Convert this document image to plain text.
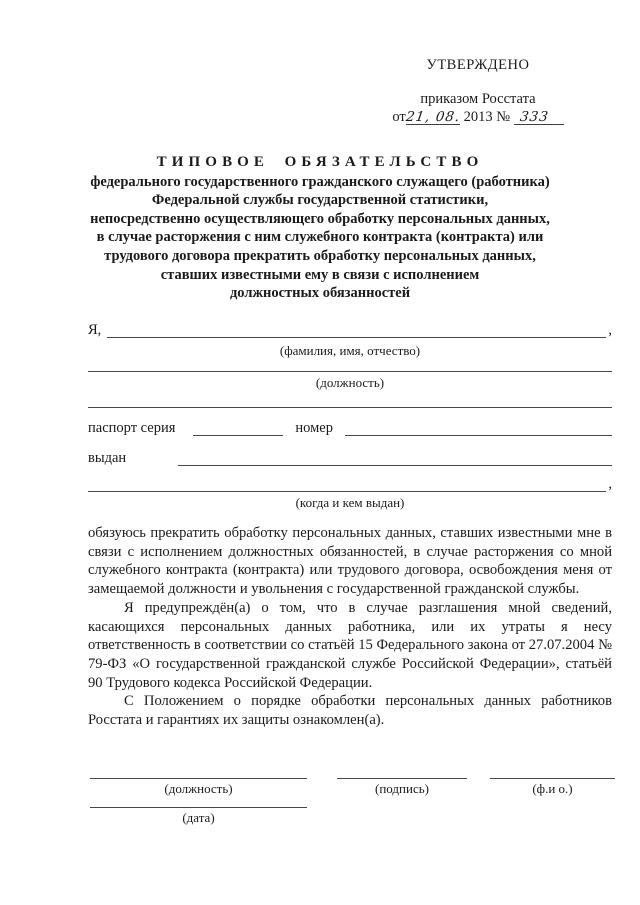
УТВЕРЖДЕНО
приказом Росстата
от21, 08. 2013 № 333
ТИПОВОЕ ОБЯЗАТЕЛЬСТВО
федерального государственного гражданского служащего (работника)
Федеральной службы государственной статистики,
непосредственно осуществляющего обработку персональных данных,
в случае расторжения с ним служебного контракта (контракта) или
трудового договора прекратить обработку персональных данных,
ставших известными ему в связи с исполнением
должностных обязанностей
Я,	,
(фамилия, имя, отчество)
(должность)
паспорт серия	номер
выдан
,
(когда и кем выдан)

обязуюсь прекратить обработку персональных данных, ставших известными мне в связи с исполнением должностных обязанностей, в случае расторжения со мной служебного контракта (контракта) или трудового договора, освобождения меня от замещаемой должности и увольнения с государственной гражданской службы.

Я предупреждён(а) о том, что в случае разглашения мной сведений, касающихся персональных данных работника, или их утраты я несу ответственность в соответствии со статьёй 15 Федерального закона от 27.07.2004 № 79-ФЗ «О государственной гражданской службе Российской Федерации», статьёй 90 Трудового кодекса Российской Федерации.

С Положением о порядке обработки персональных данных работников Росстата и гарантиях их защиты ознакомлен(а).

(должность)	(подпись)	(ф.и о.)
(дата)
